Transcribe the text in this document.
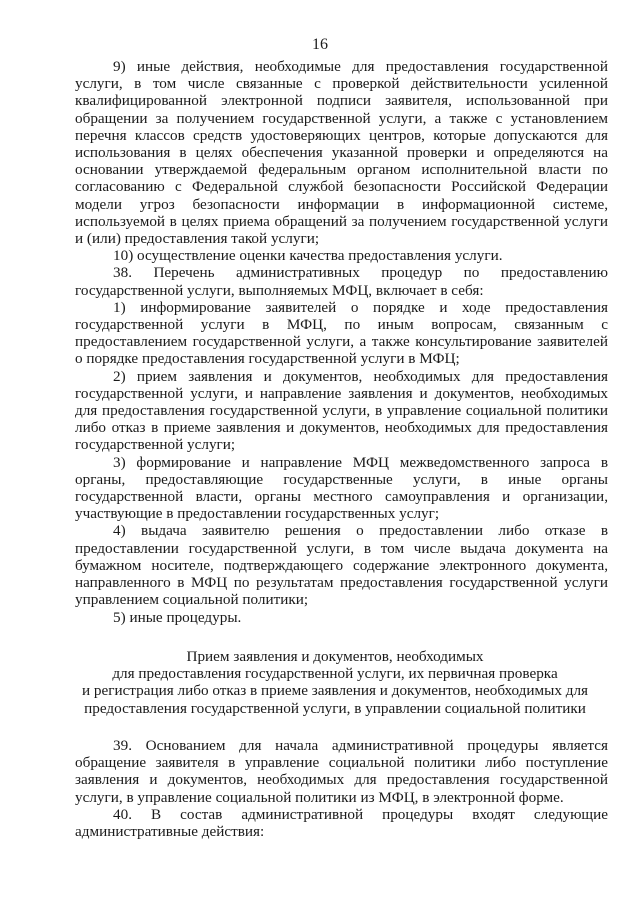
16

9) иные действия, необходимые для предоставления государственной услуги, в том числе связанные с проверкой действительности усиленной квалифицированной электронной подписи заявителя, использованной при обращении за получением государственной услуги, а также с установлением перечня классов средств удостоверяющих центров, которые допускаются для использования в целях обеспечения указанной проверки и определяются на основании утверждаемой федеральным органом исполнительной власти по согласованию с Федеральной службой безопасности Российской Федерации модели угроз безопасности информации в информационной системе, используемой в целях приема обращений за получением государственной услуги и (или) предоставления такой услуги;

10) осуществление оценки качества предоставления услуги.

38. Перечень административных процедур по предоставлению государственной услуги, выполняемых МФЦ, включает в себя:

1) информирование заявителей о порядке и ходе предоставления государственной услуги в МФЦ, по иным вопросам, связанным с предоставлением государственной услуги, а также консультирование заявителей о порядке предоставления государственной услуги в МФЦ;

2) прием заявления и документов, необходимых для предоставления государственной услуги, и направление заявления и документов, необходимых для предоставления государственной услуги, в управление социальной политики либо отказ в приеме заявления и документов, необходимых для предоставления государственной услуги;

3) формирование и направление МФЦ межведомственного запроса в органы, предоставляющие государственные услуги, в иные органы государственной власти, органы местного самоуправления и организации, участвующие в предоставлении государственных услуг;

4) выдача заявителю решения о предоставлении либо отказе в предоставлении государственной услуги, в том числе выдача документа на бумажном носителе, подтверждающего содержание электронного документа, направленного в МФЦ по результатам предоставления государственной услуги управлением социальной политики;

5) иные процедуры.

Прием заявления и документов, необходимых
для предоставления государственной услуги, их первичная проверка
и регистрация либо отказ в приеме заявления и документов, необходимых для
предоставления государственной услуги, в управлении социальной политики

39. Основанием для начала административной процедуры является обращение заявителя в управление социальной политики либо поступление заявления и документов, необходимых для предоставления государственной услуги, в управление социальной политики из МФЦ, в электронной форме.

40. В состав административной процедуры входят следующие административные действия:
